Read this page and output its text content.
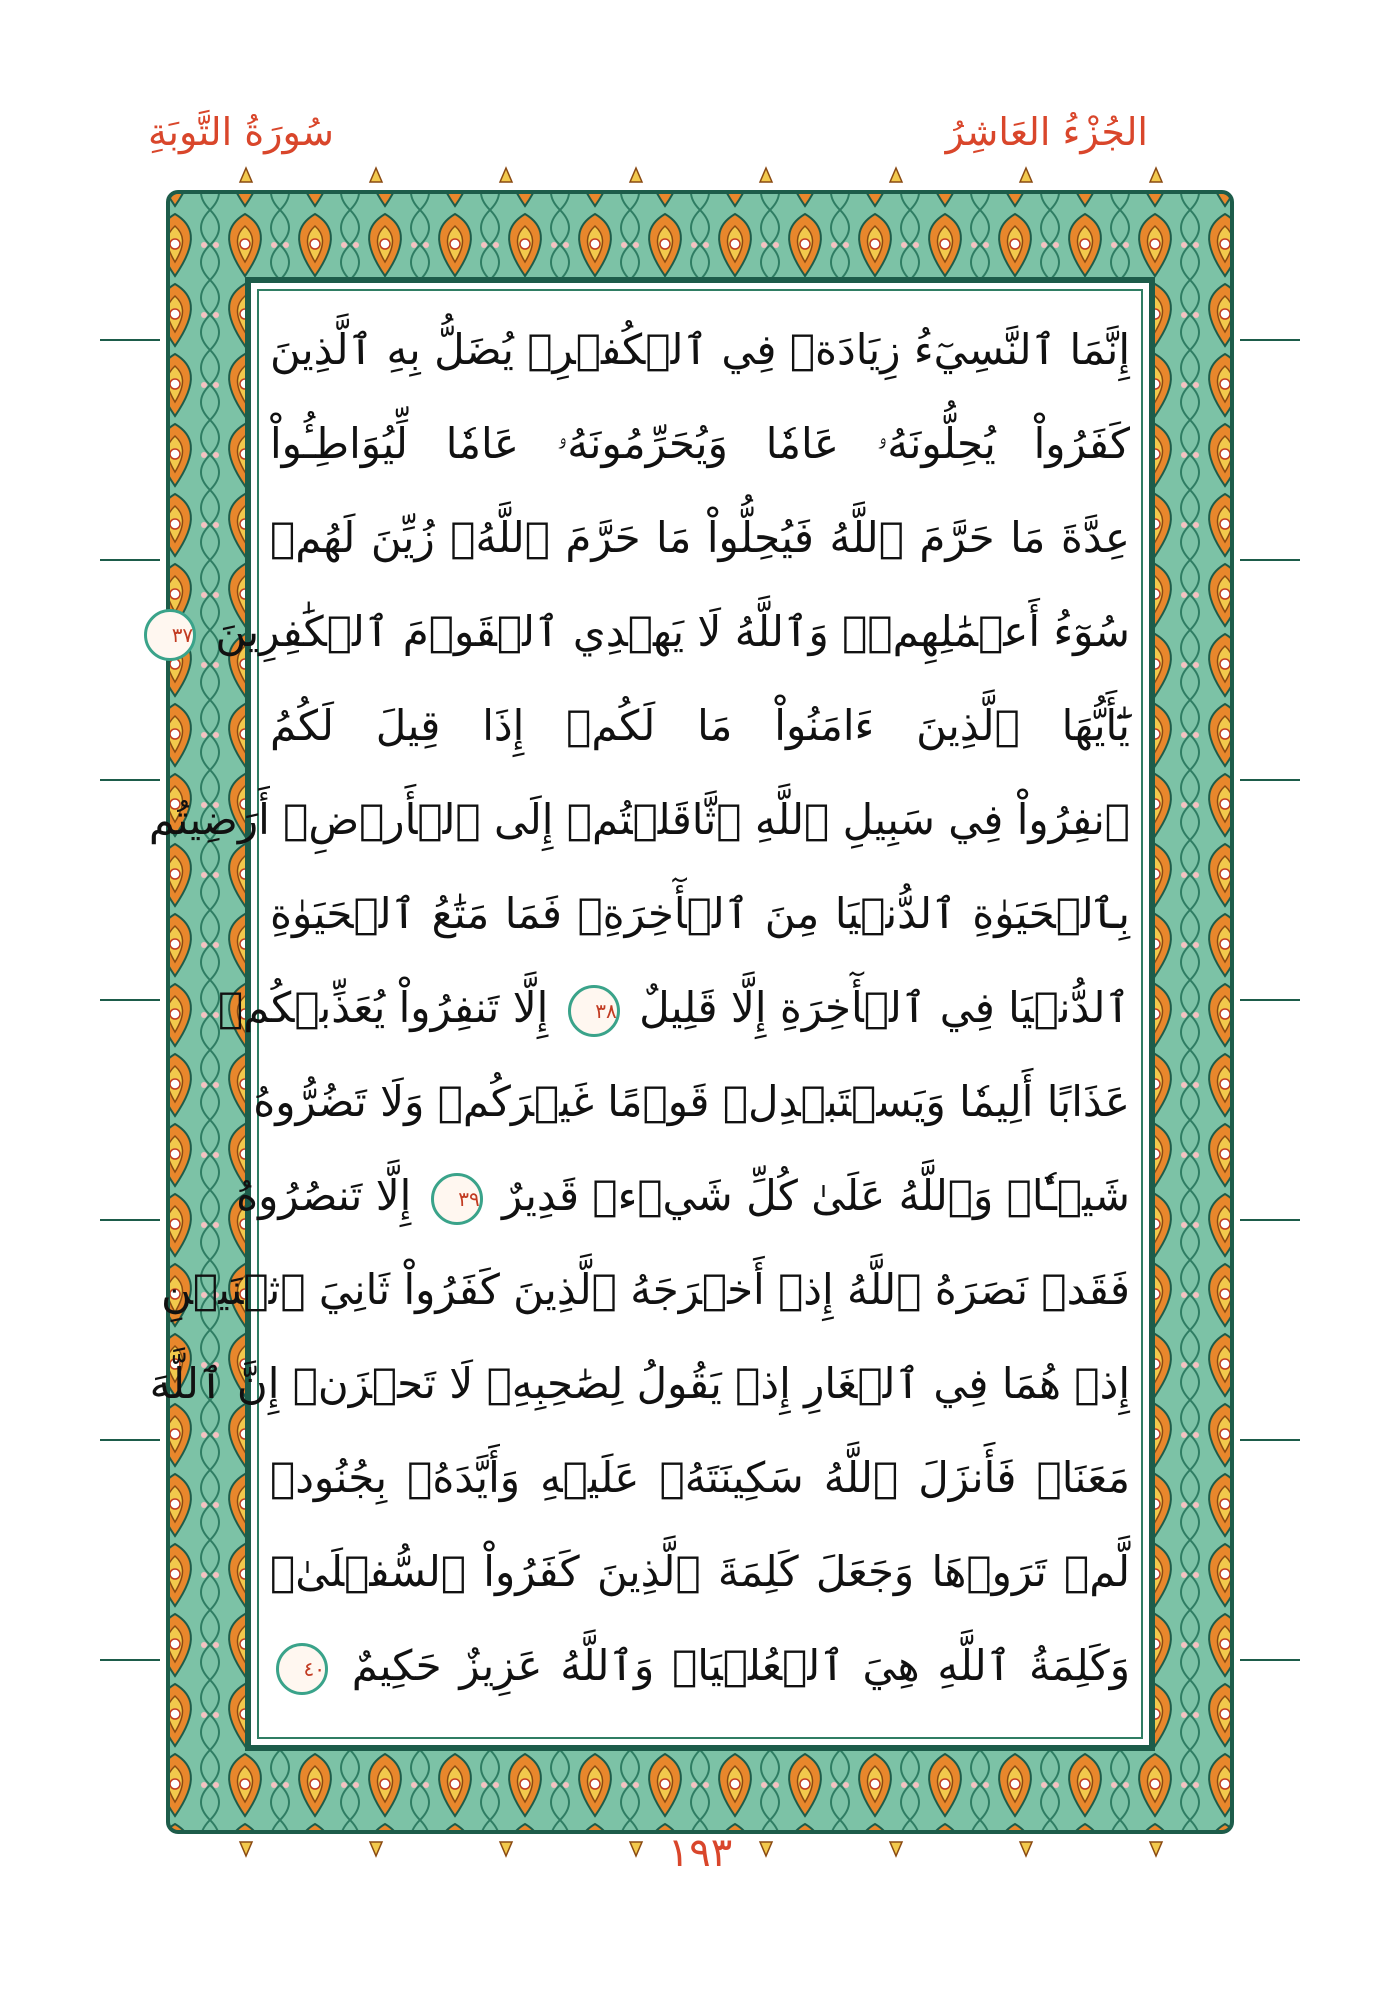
الجُزْءُ العَاشِرُ
سُورَةُ التَّوبَةِ
إِنَّمَا ٱلنَّسِيٓءُ زِيَادَةٞ فِي ٱلۡكُفۡرِۖ يُضَلُّ بِهِ ٱلَّذِينَ
كَفَرُواْ يُحِلُّونَهُۥ عَامٗا وَيُحَرِّمُونَهُۥ عَامٗا لِّيُوَاطِـُٔواْ
عِدَّةَ مَا حَرَّمَ ٱللَّهُ فَيُحِلُّواْ مَا حَرَّمَ ٱللَّهُۚ زُيِّنَ لَهُمۡ
سُوٓءُ أَعۡمَٰلِهِمۡۗ وَٱللَّهُ لَا يَهۡدِي ٱلۡقَوۡمَ ٱلۡكَٰفِرِينَ ٣٧
يَٰٓأَيُّهَا ٱلَّذِينَ ءَامَنُواْ مَا لَكُمۡ إِذَا قِيلَ لَكُمُ
ٱنفِرُواْ فِي سَبِيلِ ٱللَّهِ ٱثَّاقَلۡتُمۡ إِلَى ٱلۡأَرۡضِۚ أَرَضِيتُم
بِٱلۡحَيَوٰةِ ٱلدُّنۡيَا مِنَ ٱلۡأٓخِرَةِۚ فَمَا مَتَٰعُ ٱلۡحَيَوٰةِ
ٱلدُّنۡيَا فِي ٱلۡأٓخِرَةِ إِلَّا قَلِيلٌ ٣٨ إِلَّا تَنفِرُواْ يُعَذِّبۡكُمۡ
عَذَابًا أَلِيمٗا وَيَسۡتَبۡدِلۡ قَوۡمًا غَيۡرَكُمۡ وَلَا تَضُرُّوهُ
شَيۡـٔٗاۗ وَٱللَّهُ عَلَىٰ كُلِّ شَيۡءٖ قَدِيرٌ ٣٩ إِلَّا تَنصُرُوهُ
فَقَدۡ نَصَرَهُ ٱللَّهُ إِذۡ أَخۡرَجَهُ ٱلَّذِينَ كَفَرُواْ ثَانِيَ ٱثۡنَيۡنِ
إِذۡ هُمَا فِي ٱلۡغَارِ إِذۡ يَقُولُ لِصَٰحِبِهِۦ لَا تَحۡزَنۡ إِنَّ ٱللَّهَ
مَعَنَاۖ فَأَنزَلَ ٱللَّهُ سَكِينَتَهُۥ عَلَيۡهِ وَأَيَّدَهُۥ بِجُنُودٖ
لَّمۡ تَرَوۡهَا وَجَعَلَ كَلِمَةَ ٱلَّذِينَ كَفَرُواْ ٱلسُّفۡلَىٰۗ
وَكَلِمَةُ ٱللَّهِ هِيَ ٱلۡعُلۡيَاۗ وَٱللَّهُ عَزِيزٌ حَكِيمٌ ٤٠
١٩٣
